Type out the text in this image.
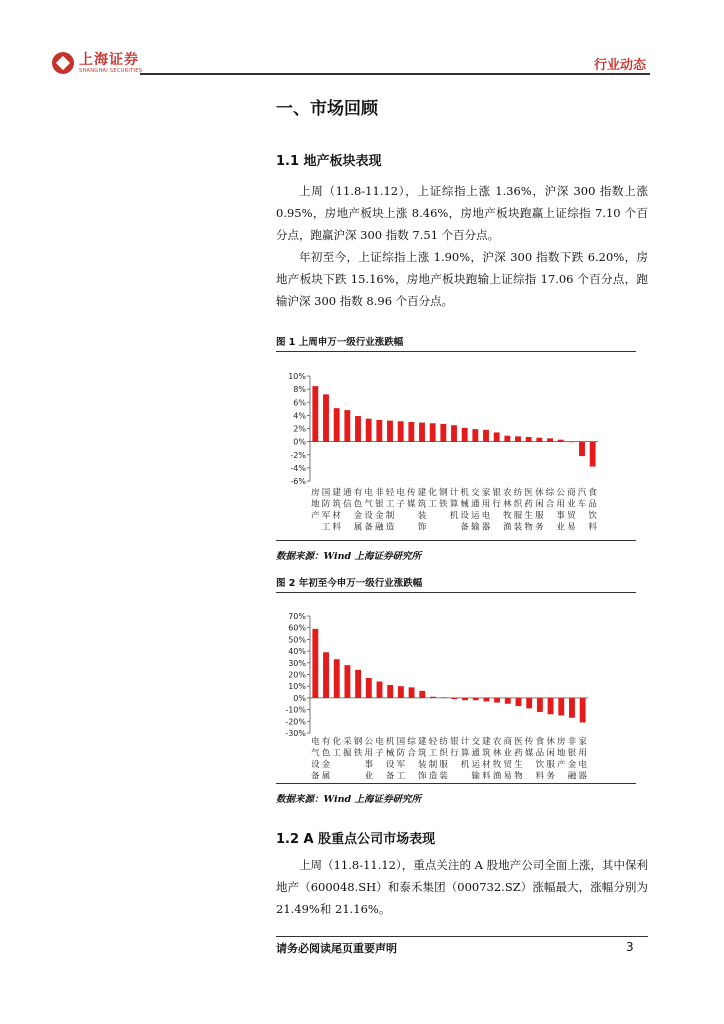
上海证券
SHANGHAI SECURITIES	行业动态
一、市场回顾
1.1 地产板块表现

上周（11.8-11.12），上证综指上涨 1.36%，沪深 300 指数上涨 0.95%，房地产板块上涨 8.46%，房地产板块跑赢上证综指 7.10 个百分点，跑赢沪深 300 指数 7.51 个百分点。

年初至今，上证综指上涨 1.90%，沪深 300 指数下跌 6.20%，房地产板块下跌 15.16%，房地产板块跑输上证综指 17.06 个百分点，跑输沪深 300 指数 8.96 个百分点。

图 1 上周申万一级行业涨跌幅
10%
8%
6%
4%
2%
0%
-2%
-4%
-6%
房地产
国防军工
建筑材料
通信
有色金属
电气设备
非银金融
轻工制造
电子
传媒
建筑装饰
化工
钢铁
计算机
机械设备
交通运输
家用电器
银行
农林牧渔
纺织服装
医药生物
休闲服务
综合
公用事业
商业贸易
汽车
食品饮料
数据来源：Wind 上海证券研究所
图 2 年初至今申万一级行业涨跌幅
70%
60%
50%
40%
30%
20%
10%
0%
-10%
-20%
-30%
电气设备
有色金属
化工
采掘
钢铁
公用事业
电子
机械设备
国防军工
综合
建筑装饰
轻工制造
纺织服装
银行
计算机
交通运输
建筑材料
农林牧渔
商业贸易
医药生物
传媒
食品饮料
休闲服务
房地产
非银金融
家用电器
数据来源：Wind 上海证券研究所
1.2 A 股重点公司市场表现

上周（11.8-11.12），重点关注的 A 股地产公司全面上涨，其中保利地产（600048.SH）和泰禾集团（000732.SZ）涨幅最大，涨幅分别为 21.49%和 21.16%。

请务必阅读尾页重要声明	3
